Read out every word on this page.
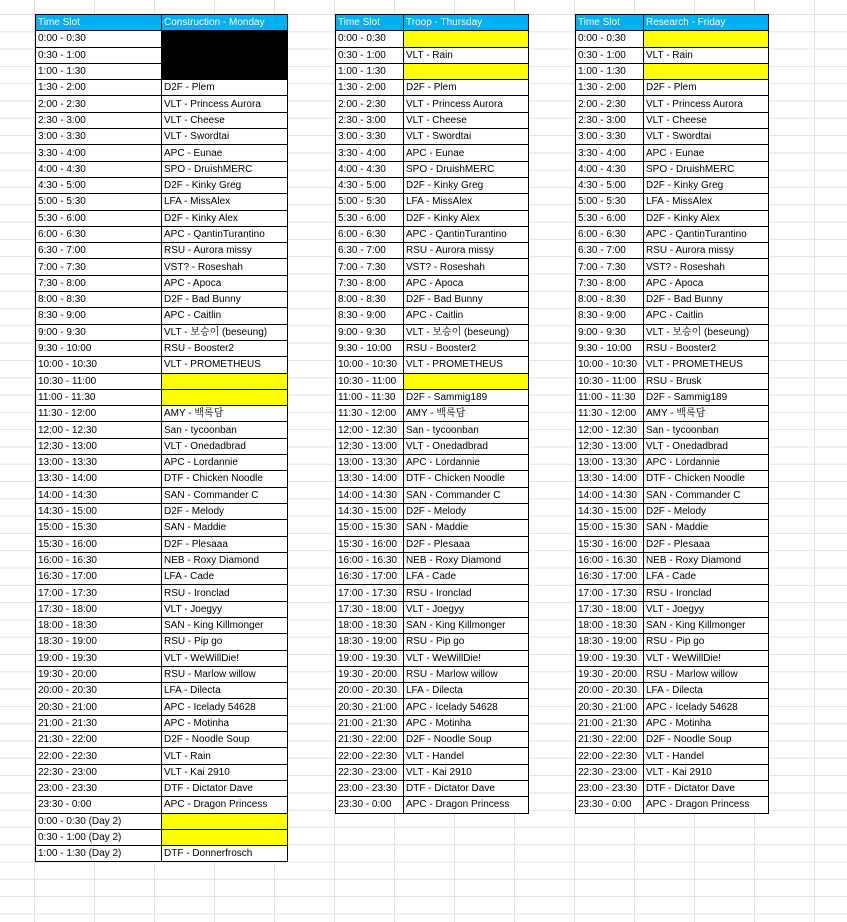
Time Slot	Construction - Monday
0:00 - 0:30	
0:30 - 1:00	
1:00 - 1:30	
1:30 - 2:00	D2F - Plem
2:00 - 2:30	VLT - Princess Aurora
2:30 - 3:00	VLT - Cheese
3:00 - 3:30	VLT - Swordtai
3:30 - 4:00	APC - Eunae
4:00 - 4:30	SPO - DruishMERC
4:30 - 5:00	D2F - Kinky Greg
5:00 - 5:30	LFA - MissAlex
5:30 - 6:00	D2F - Kinky Alex
6:00 - 6:30	APC - QantinTurantino
6:30 - 7:00	RSU - Aurora missy
7:00 - 7:30	VST? - Roseshah
7:30 - 8:00	APC - Apoca
8:00 - 8:30	D2F - Bad Bunny
8:30 - 9:00	APC - Caitlin
9:00 - 9:30	VLT - 보승이 (beseung)
9:30 - 10:00	RSU - Booster2
10:00 - 10:30	VLT - PROMETHEUS
10:30 - 11:00	
11:00 - 11:30	
11:30 - 12:00	AMY - 백록담
12:00 - 12:30	San - tycoonban
12:30 - 13:00	VLT - Onedadbrad
13:00 - 13:30	APC - Lordannie
13:30 - 14:00	DTF - Chicken Noodle
14:00 - 14:30	SAN - Commander C
14:30 - 15:00	D2F - Melody
15:00 - 15:30	SAN - Maddie
15:30 - 16:00	D2F - Plesaaa
16:00 - 16:30	NEB - Roxy Diamond
16:30 - 17:00	LFA - Cade
17:00 - 17:30	RSU - Ironclad
17:30 - 18:00	VLT - Joegyy
18:00 - 18:30	SAN - King Killmonger
18:30 - 19:00	RSU - Pip go
19:00 - 19:30	VLT - WeWillDie!
19:30 - 20:00	RSU - Marlow willow
20:00 - 20:30	LFA - Dilecta
20:30 - 21:00	APC - Icelady 54628
21:00 - 21:30	APC - Motinha
21:30 - 22:00	D2F - Noodle Soup
22:00 - 22:30	VLT - Rain
22:30 - 23:00	VLT - Kai 2910
23:00 - 23:30	DTF - Dictator Dave
23:30 - 0:00	APC - Dragon Princess
0:00 - 0:30 (Day 2)	
0:30 - 1:00 (Day 2)	
1:00 - 1:30 (Day 2)	DTF - Donnerfrosch
Time Slot	Troop - Thursday
0:00 - 0:30	
0:30 - 1:00	VLT - Rain
1:00 - 1:30	
1:30 - 2:00	D2F - Plem
2:00 - 2:30	VLT - Princess Aurora
2:30 - 3:00	VLT - Cheese
3:00 - 3:30	VLT - Swordtai
3:30 - 4:00	APC - Eunae
4:00 - 4:30	SPO - DruishMERC
4:30 - 5:00	D2F - Kinky Greg
5:00 - 5:30	LFA - MissAlex
5:30 - 6:00	D2F - Kinky Alex
6:00 - 6:30	APC - QantinTurantino
6:30 - 7:00	RSU - Aurora missy
7:00 - 7:30	VST? - Roseshah
7:30 - 8:00	APC - Apoca
8:00 - 8:30	D2F - Bad Bunny
8:30 - 9:00	APC - Caitlin
9:00 - 9:30	VLT - 보승이 (beseung)
9:30 - 10:00	RSU - Booster2
10:00 - 10:30	VLT - PROMETHEUS
10:30 - 11:00	
11:00 - 11:30	D2F - Sammig189
11:30 - 12:00	AMY - 백록담
12:00 - 12:30	San - tycoonban
12:30 - 13:00	VLT - Onedadbrad
13:00 - 13:30	APC - Lordannie
13:30 - 14:00	DTF - Chicken Noodle
14:00 - 14:30	SAN - Commander C
14:30 - 15:00	D2F - Melody
15:00 - 15:30	SAN - Maddie
15:30 - 16:00	D2F - Plesaaa
16:00 - 16:30	NEB - Roxy Diamond
16:30 - 17:00	LFA - Cade
17:00 - 17:30	RSU - Ironclad
17:30 - 18:00	VLT - Joegyy
18:00 - 18:30	SAN - King Killmonger
18:30 - 19:00	RSU - Pip go
19:00 - 19:30	VLT - WeWillDie!
19:30 - 20:00	RSU - Marlow willow
20:00 - 20:30	LFA - Dilecta
20:30 - 21:00	APC - Icelady 54628
21:00 - 21:30	APC - Motinha
21:30 - 22:00	D2F - Noodle Soup
22:00 - 22:30	VLT - Handel
22:30 - 23:00	VLT - Kai 2910
23:00 - 23:30	DTF - Dictator Dave
23:30 - 0:00	APC - Dragon Princess
Time Slot	Research - Friday
0:00 - 0:30	
0:30 - 1:00	VLT - Rain
1:00 - 1:30	
1:30 - 2:00	D2F - Plem
2:00 - 2:30	VLT - Princess Aurora
2:30 - 3:00	VLT - Cheese
3:00 - 3:30	VLT - Swordtai
3:30 - 4:00	APC - Eunae
4:00 - 4:30	SPO - DruishMERC
4:30 - 5:00	D2F - Kinky Greg
5:00 - 5:30	LFA - MissAlex
5:30 - 6:00	D2F - Kinky Alex
6:00 - 6:30	APC - QantinTurantino
6:30 - 7:00	RSU - Aurora missy
7:00 - 7:30	VST? - Roseshah
7:30 - 8:00	APC - Apoca
8:00 - 8:30	D2F - Bad Bunny
8:30 - 9:00	APC - Caitlin
9:00 - 9:30	VLT - 보승이 (beseung)
9:30 - 10:00	RSU - Booster2
10:00 - 10:30	VLT - PROMETHEUS
10:30 - 11:00	RSU - Brusk
11:00 - 11:30	D2F - Sammig189
11:30 - 12:00	AMY - 백록담
12:00 - 12:30	San - tycoonban
12:30 - 13:00	VLT - Onedadbrad
13:00 - 13:30	APC - Lordannie
13:30 - 14:00	DTF - Chicken Noodle
14:00 - 14:30	SAN - Commander C
14:30 - 15:00	D2F - Melody
15:00 - 15:30	SAN - Maddie
15:30 - 16:00	D2F - Plesaaa
16:00 - 16:30	NEB - Roxy Diamond
16:30 - 17:00	LFA - Cade
17:00 - 17:30	RSU - Ironclad
17:30 - 18:00	VLT - Joegyy
18:00 - 18:30	SAN - King Killmonger
18:30 - 19:00	RSU - Pip go
19:00 - 19:30	VLT - WeWillDie!
19:30 - 20:00	RSU - Marlow willow
20:00 - 20:30	LFA - Dilecta
20:30 - 21:00	APC - Icelady 54628
21:00 - 21:30	APC - Motinha
21:30 - 22:00	D2F - Noodle Soup
22:00 - 22:30	VLT - Handel
22:30 - 23:00	VLT - Kai 2910
23:00 - 23:30	DTF - Dictator Dave
23:30 - 0:00	APC - Dragon Princess
